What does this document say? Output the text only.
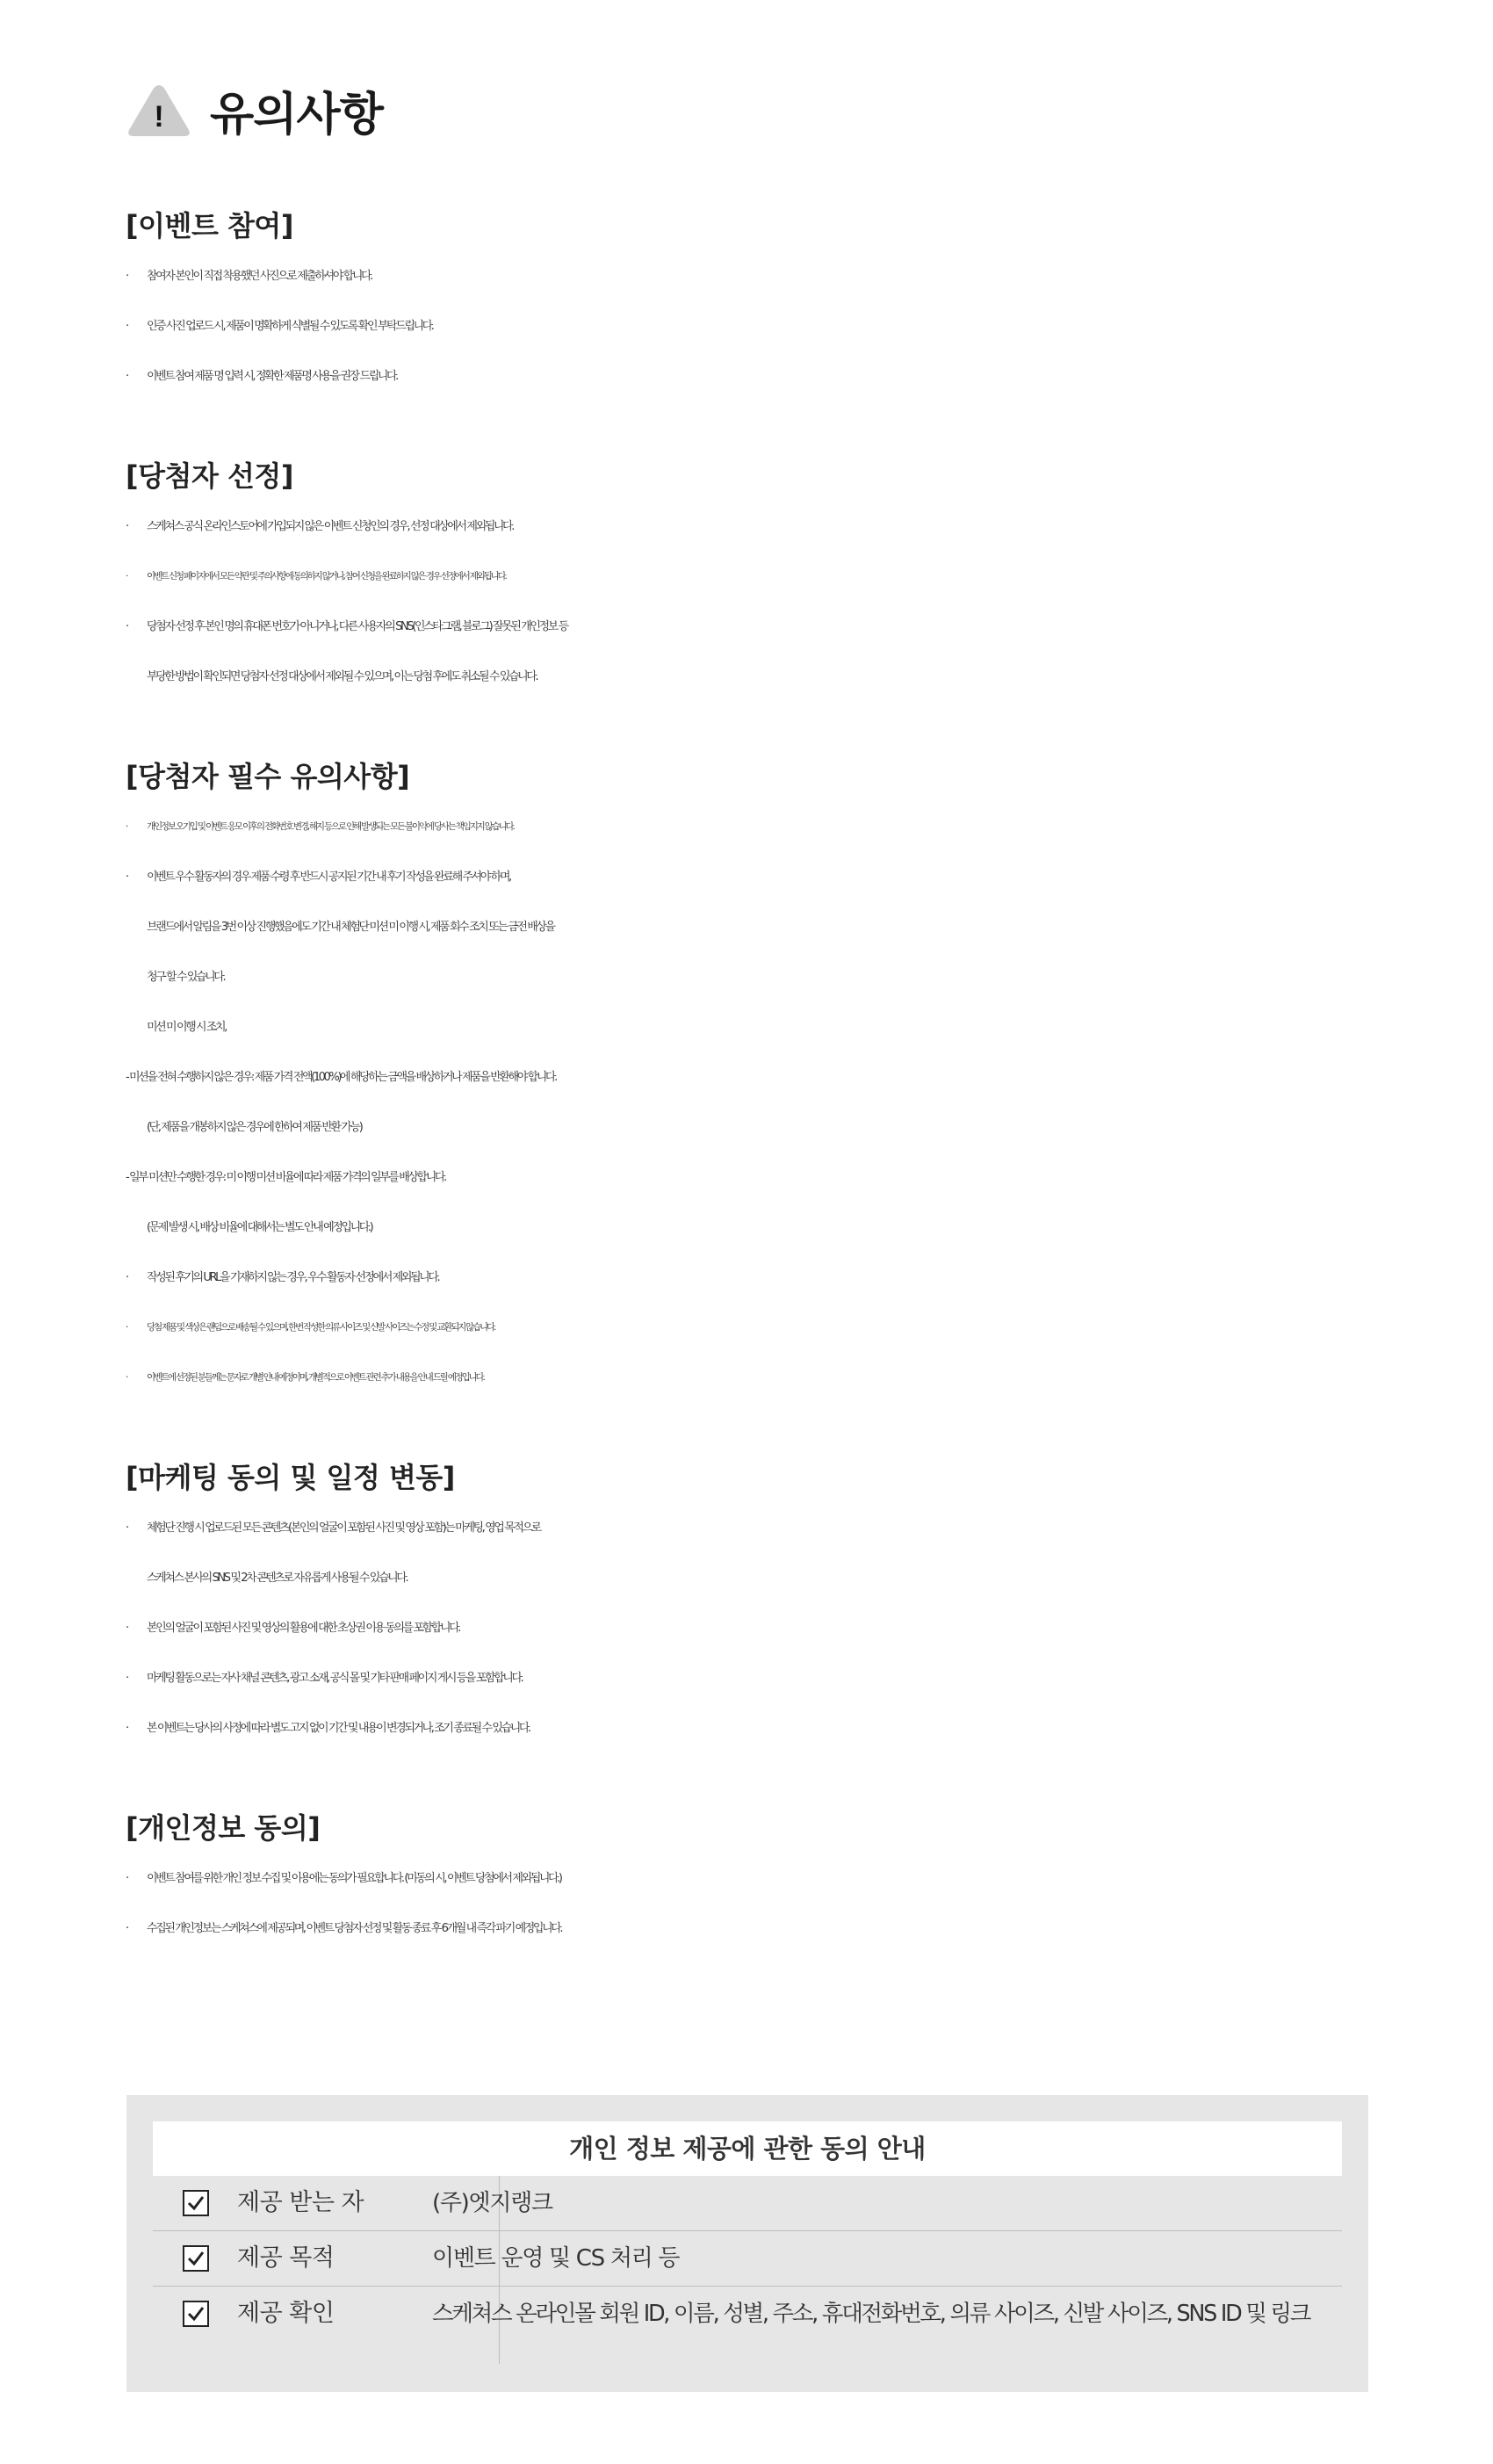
! 유의사항
[이벤트 참여]
· 참여자 본인이 직접 착용했던 사진으로 제출하셔야 합니다.
· 인증 사진 업로드 시, 제품이 명확하게 식별될 수 있도록 확인 부탁드립니다.
· 이벤트 참여 제품 명 입력 시, 정확한 제품명 사용을 권장 드립니다.
[당첨자 선정]
· 스케쳐스 공식 온라인스토어에 가입되지 않은 이벤트 신청인의 경우, 선정 대상에서 제외됩니다.
· 이벤트 신청 페이지에서 모든 약관 및 주의사항에 동의하지 않거나, 참여 신청을 완료하지 않은 경우 선정에서 제외됩니다.
· 당첨자 선정 후 본인 명의 휴대폰 번호가 아니거나, 다른 사용자의 SNS(인스타그램, 블로그) 잘못된 개인정보 등
부당한 방법이 확인되면 당첨자 선정 대상에서 제외될 수 있으며, 이는 당첨 후에도 취소될 수 있습니다.
[당첨자 필수 유의사항]
· 개인정보 오기입 및 이벤트 응모 이후의 전화번호 변경, 해지 등으로 인해 발생되는 모든 불이익에 당사는 책임지지 않습니다.
· 이벤트 우수 활동자의 경우 제품 수령 후 반드시 공지된 기간 내 후기 작성을 완료해 주셔야 하며,
브랜드에서 알림을 3번 이상 진행했음에도 기간 내 체험단 미션 미 이행 시, 제품 회수 조치 또는 금전 배상을
청구 할 수 있습니다.
미션 미 이행 시 조치,
- 미션을 전혀 수행하지 않은 경우: 제품 가격 전액(100%)에 해당하는 금액을 배상하거나 제품을 반환해야 합니다.
(단, 제품을 개봉하지 않은 경우에 한하여 제품 반환 가능)
- 일부 미션만 수행한 경우: 미 이행 미션 비율에 따라 제품 가격의 일부를 배상합니다.
(문제 발생 시, 배상 비율에 대해서는 별도 안내 예정입니다.)
· 작성된 후기의 URL을 기재하지 않는 경우, 우수 활동자 선정에서 제외됩니다.
· 당첨 제품 및 색상은 랜덤으로 배송될 수 있으며, 한번 작성한 의류 사이즈 및 신발 사이즈는 수정 및 교환되지 않습니다.
· 이벤트에 선정된 분들께는 문자로 개별 안내 예정이며, 개별적으로 이벤트 관련 추가 내용을 안내 드릴 예정입니다.
[마케팅 동의 및 일정 변동]
· 체험단 진행 시 업로드된 모든 콘텐츠(본인의 얼굴이 포함된 사진 및 영상 포함)는 마케팅, 영업 목적으로
스케쳐스 본사의 SNS 및 2차 콘텐츠로 자유롭게 사용될 수 있습니다.
· 본인의 얼굴이 포함된 사진 및 영상의 활용에 대한 초상권 이용 동의를 포함합니다.
· 마케팅 활동으로는 자사 채널 콘텐츠, 광고 소재, 공식 몰 및 기타 판매 페이지 게시 등을 포함합니다.
· 본 이벤트는 당사의 사정에 따라 별도 고지 없이 기간 및 내용이 변경되거나, 조기 종료될 수 있습니다.
[개인정보 동의]
· 이벤트 참여를 위한 개인 정보 수집 및 이용에는 동의가 필요합니다. (미동의 시, 이벤트 당첨에서 제외됩니다.)
· 수집된 개인정보는 스케쳐스에 제공되며, 이벤트 당첨자 선정 및 활동 종료 후 6개월 내 즉각 파기 예정입니다.
개인 정보 제공에 관한 동의 안내
제공 받는 자	(주)엣지랭크
제공 목적	이벤트 운영 및 CS 처리 등
제공 확인	스케쳐스 온라인몰 회원 ID, 이름, 성별, 주소, 휴대전화번호, 의류 사이즈, 신발 사이즈, SNS ID 및 링크
